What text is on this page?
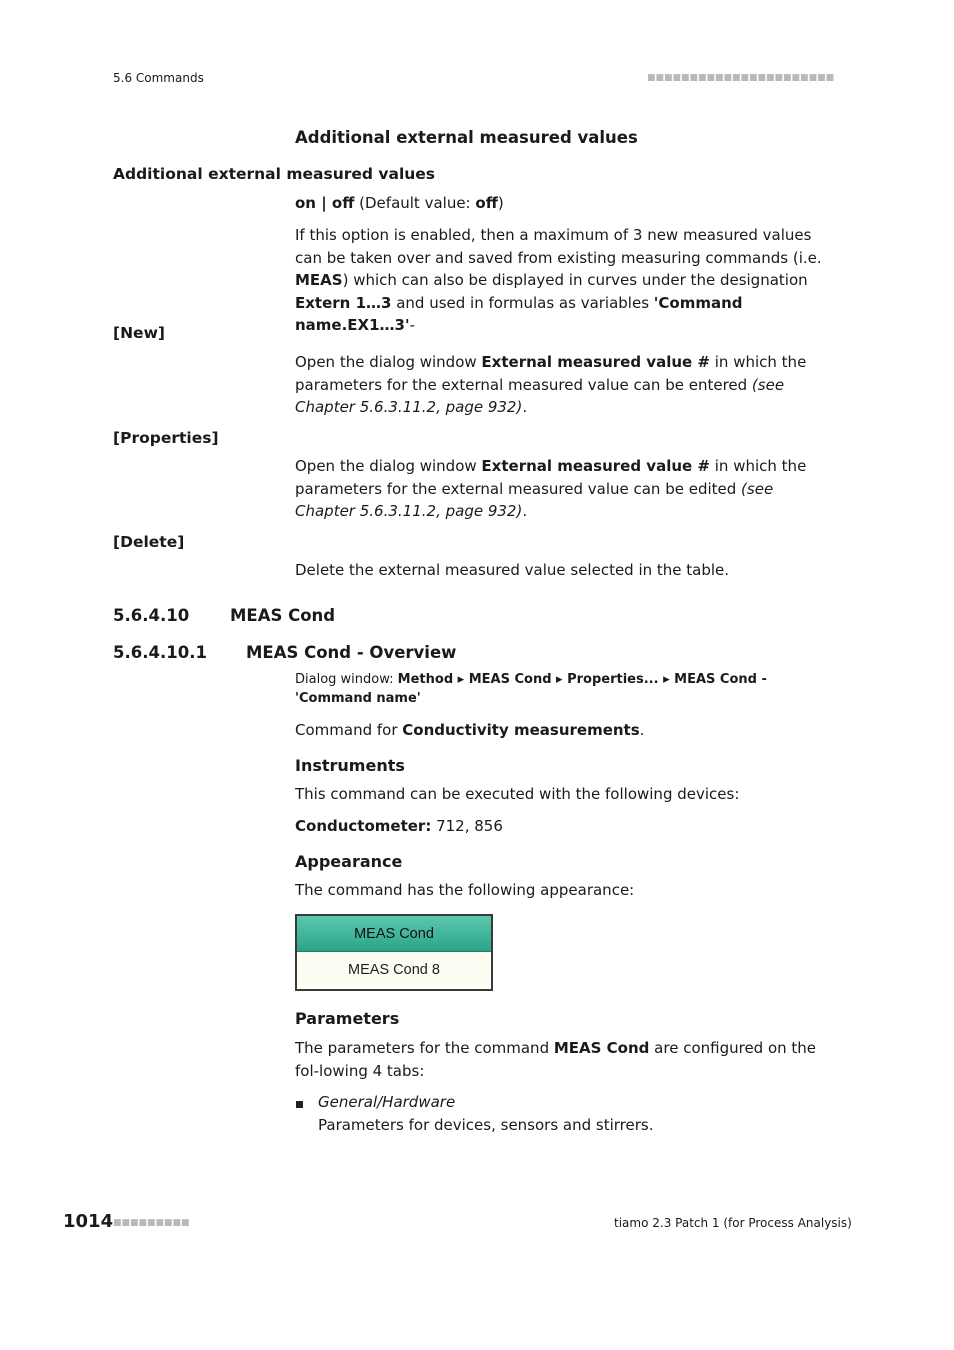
5.6 Commands	■■■■■■■■■■■■■■■■■■■■■■
Additional external measured values
Additional external measured values
on | off (Default value: off)
If this option is enabled, then a maximum of 3 new measured values can be taken over and saved from existing measuring commands (i.e. MEAS) which can also be displayed in curves under the designation Extern 1…3 and used in formulas as variables 'Command name.EX1…3'-
[New]
Open the dialog window External measured value # in which the parameters for the external measured value can be entered (see Chapter 5.6.3.11.2, page 932).
[Properties]
Open the dialog window External measured value # in which the parameters for the external measured value can be edited (see Chapter 5.6.3.11.2, page 932).
[Delete]
Delete the external measured value selected in the table.
5.6.4.10 MEAS Cond
5.6.4.10.1 MEAS Cond - Overview
Dialog window: Method ▸ MEAS Cond ▸ Properties... ▸ MEAS Cond - 'Command name'
Command for Conductivity measurements.
Instruments
This command can be executed with the following devices:
Conductometer: 712, 856
Appearance
The command has the following appearance:
MEAS Cond
MEAS Cond 8
Parameters
The parameters for the command MEAS Cond are configured on the fol-lowing 4 tabs:
General/Hardware
Parameters for devices, sensors and stirrers.
1014 ■■■■■■■■■	tiamo 2.3 Patch 1 (for Process Analysis)
